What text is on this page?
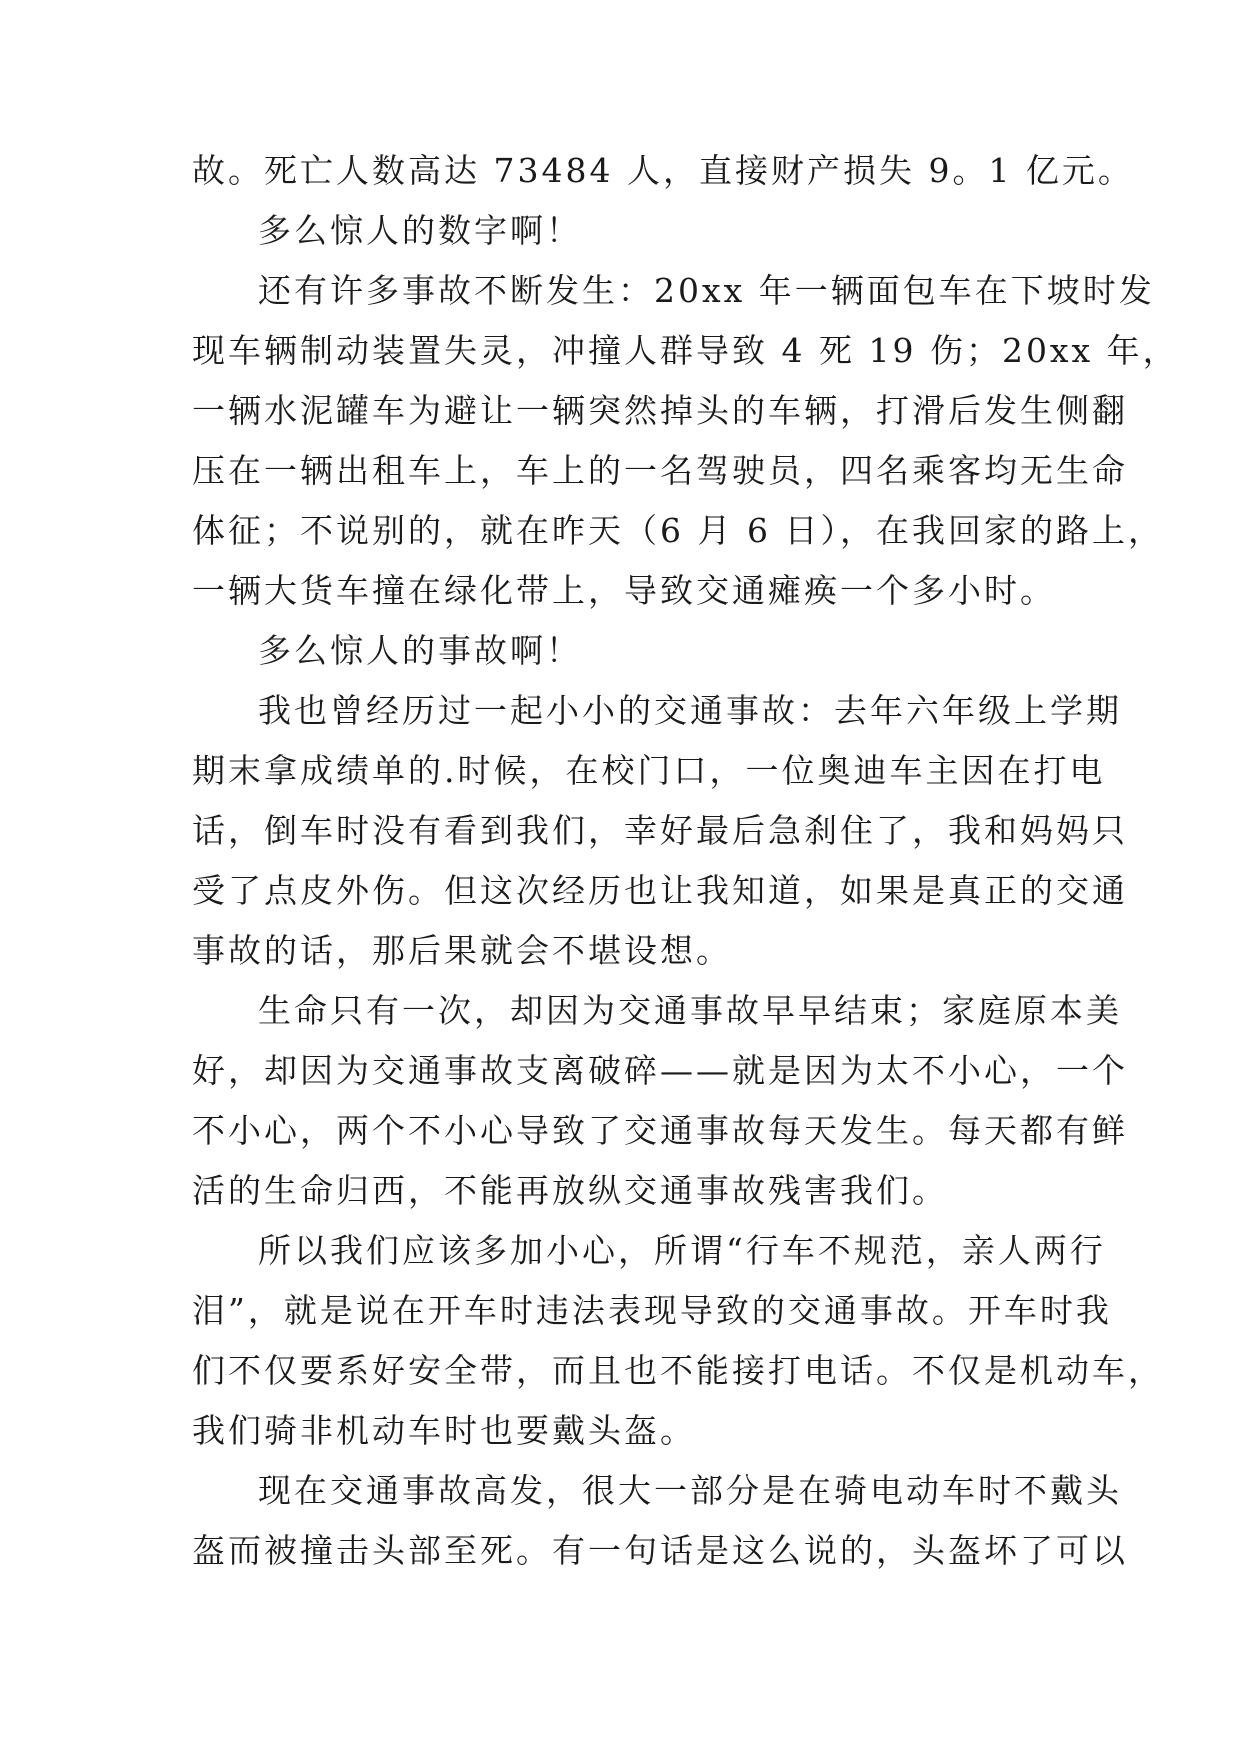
故。死亡人数高达 73484 人，直接财产损失 9。1 亿元。
多么惊人的数字啊！
还有许多事故不断发生：20xx 年一辆面包车在下坡时发
现车辆制动装置失灵，冲撞人群导致 4 死 19 伤；20xx 年，
一辆水泥罐车为避让一辆突然掉头的车辆，打滑后发生侧翻
压在一辆出租车上，车上的一名驾驶员，四名乘客均无生命
体征；不说别的，就在昨天（6 月 6 日），在我回家的路上，
一辆大货车撞在绿化带上，导致交通瘫痪一个多小时。
多么惊人的事故啊！
我也曾经历过一起小小的交通事故：去年六年级上学期
期末拿成绩单的.时候，在校门口，一位奥迪车主因在打电
话，倒车时没有看到我们，幸好最后急刹住了，我和妈妈只
受了点皮外伤。但这次经历也让我知道，如果是真正的交通
事故的话，那后果就会不堪设想。
生命只有一次，却因为交通事故早早结束；家庭原本美
好，却因为交通事故支离破碎——就是因为太不小心，一个
不小心，两个不小心导致了交通事故每天发生。每天都有鲜
活的生命归西，不能再放纵交通事故残害我们。
所以我们应该多加小心，所谓“行车不规范，亲人两行
泪”，就是说在开车时违法表现导致的交通事故。开车时我
们不仅要系好安全带，而且也不能接打电话。不仅是机动车，
我们骑非机动车时也要戴头盔。
现在交通事故高发，很大一部分是在骑电动车时不戴头
盔而被撞击头部至死。有一句话是这么说的，头盔坏了可以
